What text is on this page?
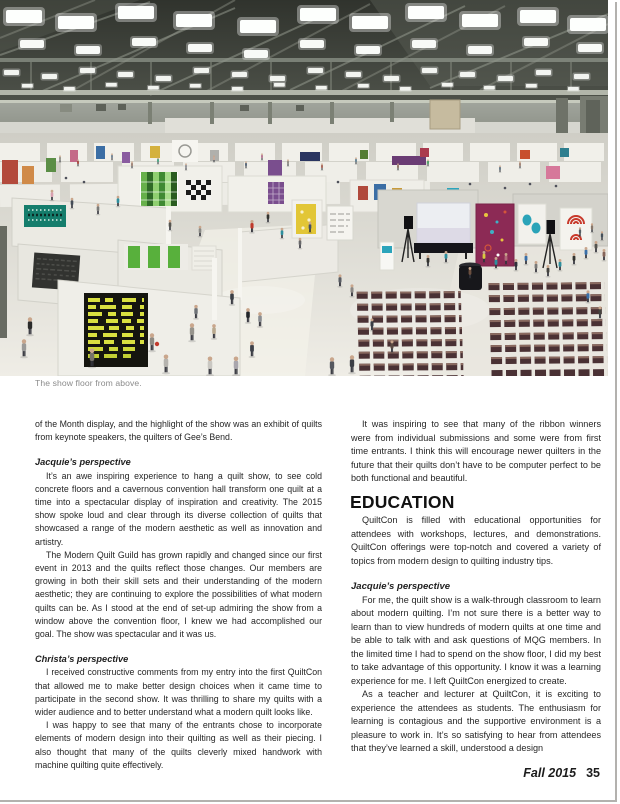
The show floor from above.

of the Month display, and the highlight of the show was an exhibit of quilts from keynote speakers, the quilters of Gee’s Bend.

Jacquie’s perspective

It’s an awe inspiring experience to hang a quilt show, to see cold concrete floors and a cavernous convention hall transform one quilt at a time into a spectacular display of inspiration and creativity. The 2015 show spoke loud and clear through its diverse collection of quilts that showcased a range of the modern aesthetic as well as innovation and artistry.

The Modern Quilt Guild has grown rapidly and changed since our first event in 2013 and the quilts reflect those changes. Our members are growing in both their skill sets and their understanding of the modern aesthetic; they are continuing to explore the possibilities of what modern quilts can be. As I stood at the end of set-up admiring the show from a window above the convention floor, I knew we had accomplished our goal. The show was spectacular and it was us.

Christa’s perspective

I received constructive comments from my entry into the first QuiltCon that allowed me to make better design choices when it came time to participate in the second show. It was thrilling to share my quilts with a wider audience and to better understand what a modern quilt looks like.

I was happy to see that many of the entrants chose to incorporate elements of modern design into their quilting as well as their piecing. I also thought that many of the quilts cleverly mixed handwork with machine quilting quite effectively.

It was inspiring to see that many of the ribbon winners were from individual submissions and some were from first time entrants. I think this will encourage newer quilters in the future that their quilts don’t have to be computer perfect to be both functional and beautiful.

EDUCATION

QuiltCon is filled with educational opportunities for attendees with workshops, lectures, and demonstrations. QuiltCon offerings were top-notch and covered a variety of topics from modern design to quilting industry tips.

Jacquie’s perspective

For me, the quilt show is a walk-through classroom to learn about modern quilting. I’m not sure there is a better way to learn than to view hundreds of modern quilts at one time and be able to talk with and ask questions of MQG members. In the limited time I had to spend on the show floor, I did my best to take advantage of this opportunity. I know it was a learning experience for me. I left QuiltCon energized to create.

As a teacher and lecturer at QuiltCon, it is exciting to experience the attendees as students. The enthusiasm for learning is contagious and the supportive environment is a pleasure to work in. It’s so satisfying to hear from attendees that they’ve learned a skill, understood a design

Fall 2015 35
